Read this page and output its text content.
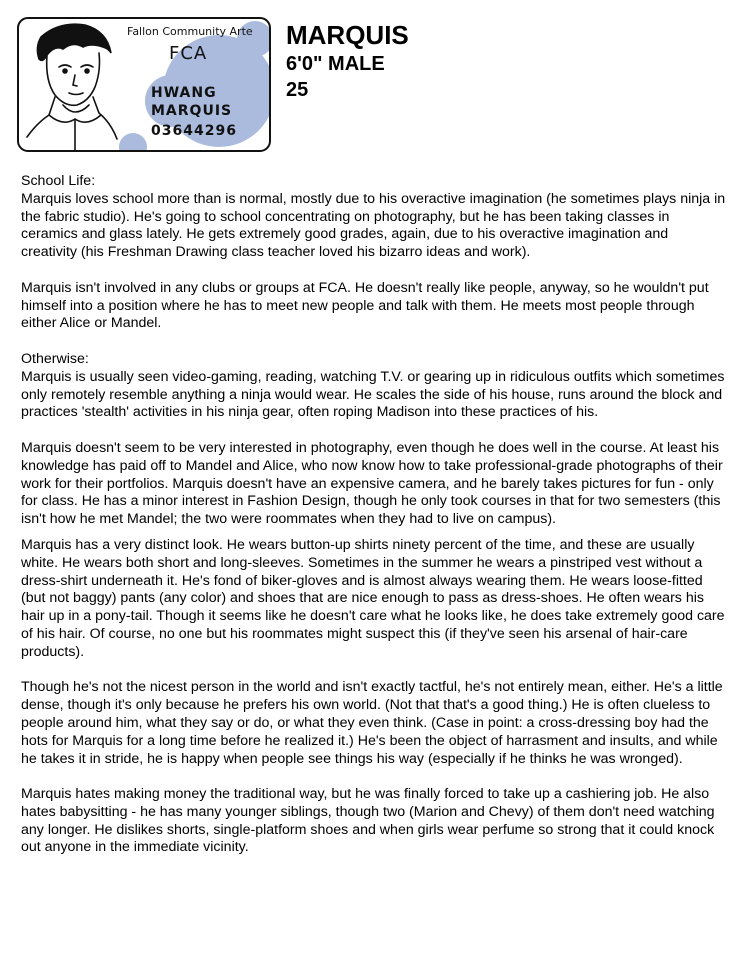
Fallon Community Arte
FCA
HWANG
MARQUIS
03644296
MARQUIS
6'0" MALE
25
School Life:

Marquis loves school more than is normal, mostly due to his overactive imagination (he sometimes plays ninja in the fabric studio). He's going to school concentrating on photography, but he has been taking classes in ceramics and glass lately. He gets extremely good grades, again, due to his overactive imagination and creativity (his Freshman Drawing class teacher loved his bizarro ideas and work).

Marquis isn't involved in any clubs or groups at FCA. He doesn't really like people, anyway, so he wouldn't put himself into a position where he has to meet new people and talk with them. He meets most people through either Alice or Mandel.

Otherwise:

Marquis is usually seen video-gaming, reading, watching T.V. or gearing up in ridiculous outfits which sometimes only remotely resemble anything a ninja would wear. He scales the side of his house, runs around the block and practices 'stealth' activities in his ninja gear, often roping Madison into these practices of his.

Marquis doesn't seem to be very interested in photography, even though he does well in the course. At least his knowledge has paid off to Mandel and Alice, who now know how to take professional-grade photographs of their work for their portfolios. Marquis doesn't have an expensive camera, and he barely takes pictures for fun - only for class. He has a minor interest in Fashion Design, though he only took courses in that for two semesters (this isn't how he met Mandel; the two were roommates when they had to live on campus).

Marquis has a very distinct look. He wears button-up shirts ninety percent of the time, and these are usually white. He wears both short and long-sleeves. Sometimes in the summer he wears a pinstriped vest without a dress-shirt underneath it. He's fond of biker-gloves and is almost always wearing them. He wears loose-fitted (but not baggy) pants (any color) and shoes that are nice enough to pass as dress-shoes. He often wears his hair up in a pony-tail. Though it seems like he doesn't care what he looks like, he does take extremely good care of his hair. Of course, no one but his roommates might suspect this (if they've seen his arsenal of hair-care products).

Though he's not the nicest person in the world and isn't exactly tactful, he's not entirely mean, either. He's a little dense, though it's only because he prefers his own world. (Not that that's a good thing.) He is often clueless to people around him, what they say or do, or what they even think. (Case in point: a cross-dressing boy had the hots for Marquis for a long time before he realized it.) He's been the object of harrasment and insults, and while he takes it in stride, he is happy when people see things his way (especially if he thinks he was wronged).

Marquis hates making money the traditional way, but he was finally forced to take up a cashiering job. He also hates babysitting - he has many younger siblings, though two (Marion and Chevy) of them don't need watching any longer. He dislikes shorts, single-platform shoes and when girls wear perfume so strong that it could knock out anyone in the immediate vicinity.
